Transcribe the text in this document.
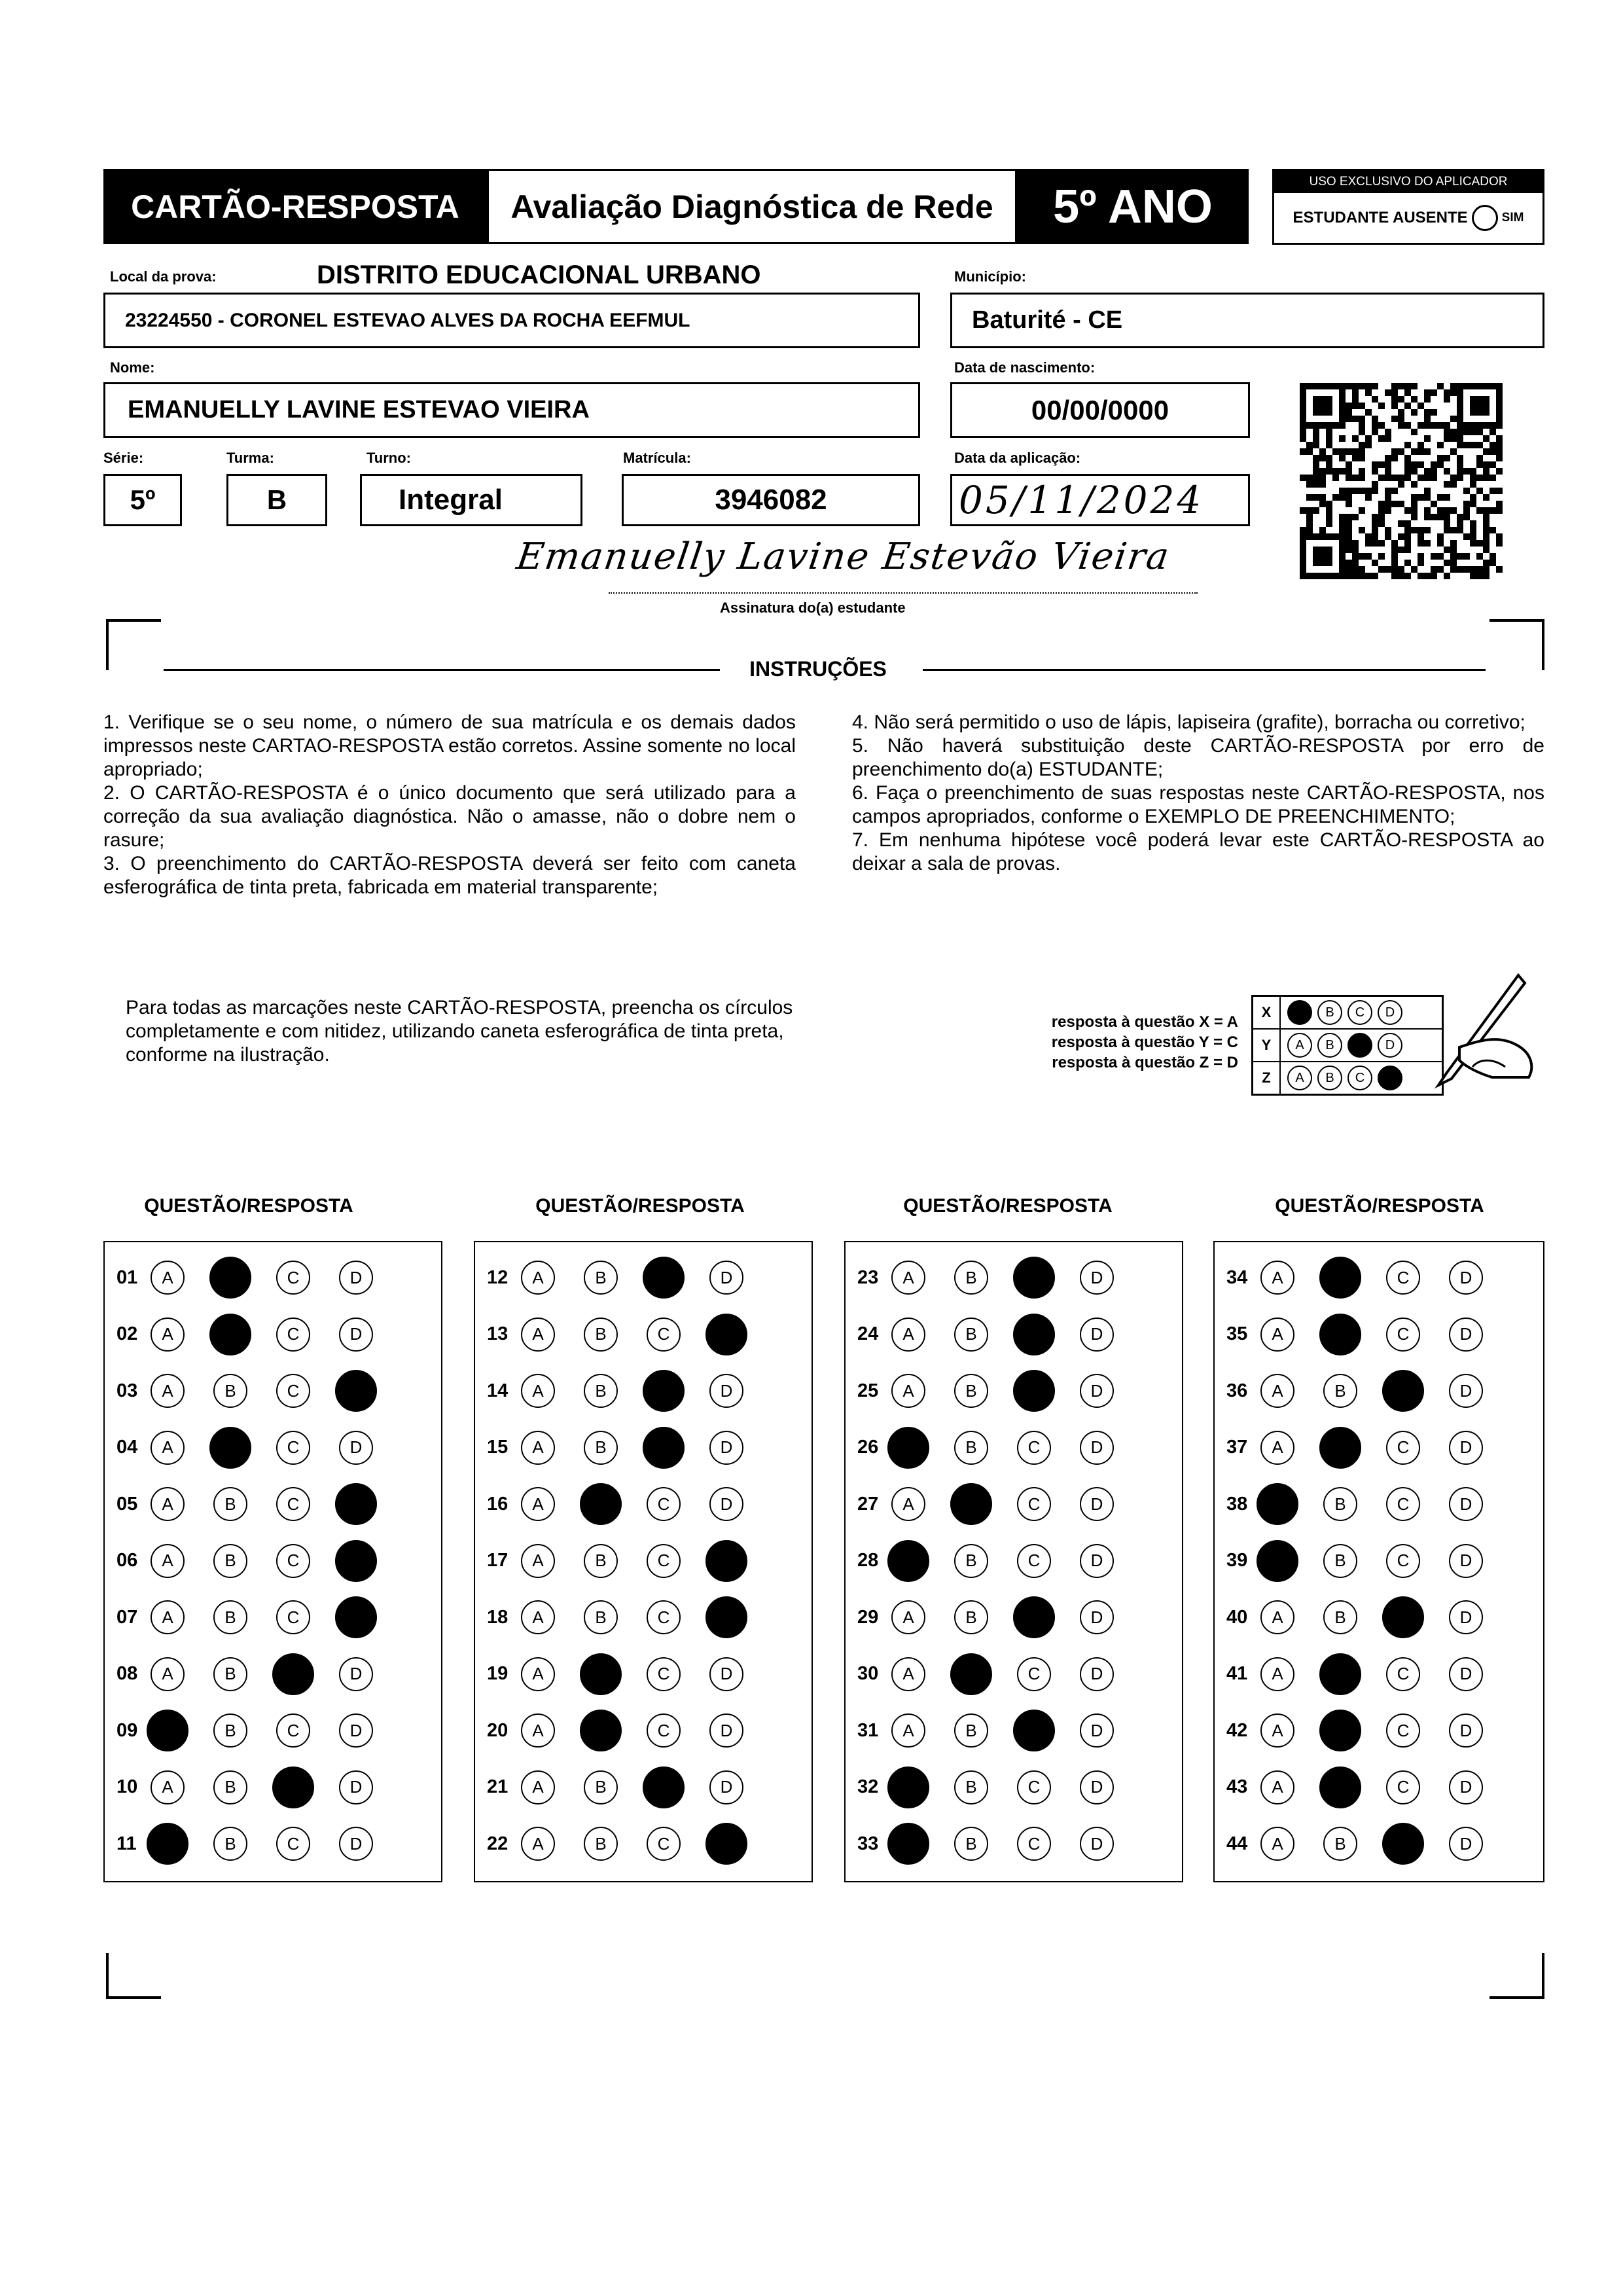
CARTÃO-RESPOSTA	Avaliação Diagnóstica de Rede	5º ANO	USO EXCLUSIVO DO APLICADOR
ESTUDANTE AUSENTE	SIM
Local da prova:	DISTRITO EDUCACIONAL URBANO
23224550 - CORONEL ESTEVAO ALVES DA ROCHA EEFMUL
Município:
Baturité - CE
Nome:
EMANUELLY LAVINE ESTEVAO VIEIRA
Data de nascimento:
00/00/0000
Série:
5º
Turma:
B
Turno:
Integral
Matrícula:
3946082
Data da aplicação:
05/11/2024
Emanuelly Lavine Estevão Vieira
Assinatura do(a) estudante
INSTRUÇÕES
1. Verifique se o seu nome, o número de sua matrícula e os demais dados impressos neste CARTAO-RESPOSTA estão corretos. Assine somente no local apropriado;
2. O CARTÃO-RESPOSTA é o único documento que será utilizado para a correção da sua avaliação diagnóstica. Não o amasse, não o dobre nem o rasure;
3. O preenchimento do CARTÃO-RESPOSTA deverá ser feito com caneta esferográfica de tinta preta, fabricada em material transparente;
4. Não será permitido o uso de lápis, lapiseira (grafite), borracha ou corretivo;
5. Não haverá substituição deste CARTÃO-RESPOSTA por erro de preenchimento do(a) ESTUDANTE;
6. Faça o preenchimento de suas respostas neste CARTÃO-RESPOSTA, nos campos apropriados, conforme o EXEMPLO DE PREENCHIMENTO;
7. Em nenhuma hipótese você poderá levar este CARTÃO-RESPOSTA ao deixar a sala de provas.
Para todas as marcações neste CARTÃO-RESPOSTA, preencha os círculos completamente e com nitidez, utilizando caneta esferográfica de tinta preta, conforme na ilustração.
resposta à questão X = A
resposta à questão Y = C
resposta à questão Z = D
X	A	B	C	D
Y	A	B	C	D
Z	A	B	C	D
QUESTÃO/RESPOSTA	QUESTÃO/RESPOSTA	QUESTÃO/RESPOSTA	QUESTÃO/RESPOSTA
01	A	B	C	D
02	A	B	C	D
03	A	B	C	D
04	A	B	C	D
05	A	B	C	D
06	A	B	C	D
07	A	B	C	D
08	A	B	C	D
09	A	B	C	D
10	A	B	C	D
11	A	B	C	D
12	A	B	C	D
13	A	B	C	D
14	A	B	C	D
15	A	B	C	D
16	A	B	C	D
17	A	B	C	D
18	A	B	C	D
19	A	B	C	D
20	A	B	C	D
21	A	B	C	D
22	A	B	C	D
23	A	B	C	D
24	A	B	C	D
25	A	B	C	D
26	A	B	C	D
27	A	B	C	D
28	A	B	C	D
29	A	B	C	D
30	A	B	C	D
31	A	B	C	D
32	A	B	C	D
33	A	B	C	D
34	A	B	C	D
35	A	B	C	D
36	A	B	C	D
37	A	B	C	D
38	A	B	C	D
39	A	B	C	D
40	A	B	C	D
41	A	B	C	D
42	A	B	C	D
43	A	B	C	D
44	A	B	C	D
